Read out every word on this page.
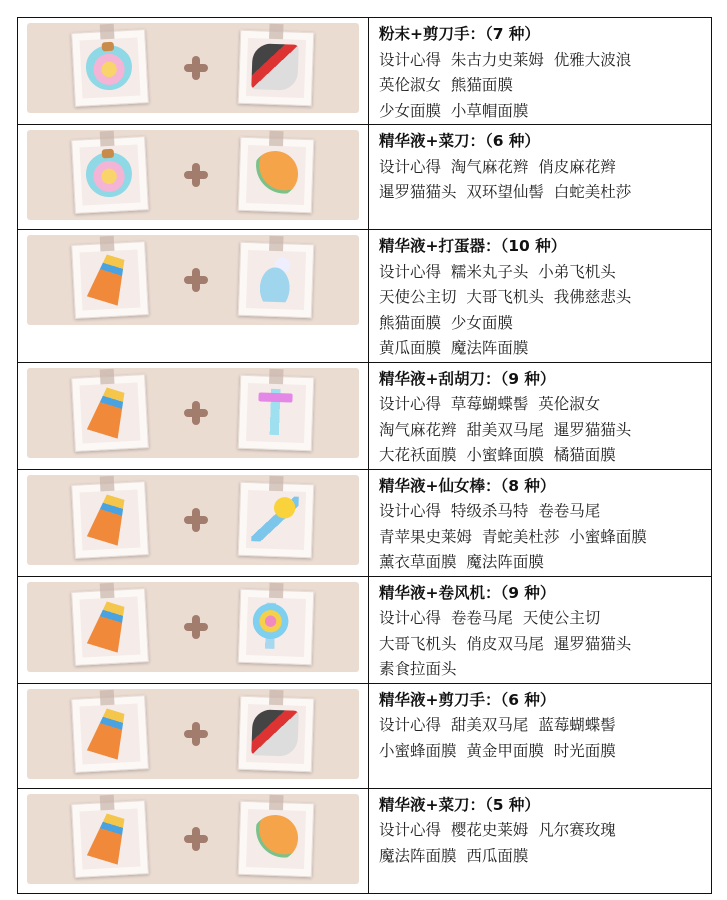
	粉末+剪刀手：（7 种）
设计心得  朱古力史莱姆  优雅大波浪
英伦淑女  熊猫面膜
少女面膜  小草帽面膜

	精华液+菜刀：（6 种）
设计心得  淘气麻花辫  俏皮麻花辫
暹罗猫猫头  双环望仙髻  白蛇美杜莎

	精华液+打蛋器：（10 种）
设计心得  糯米丸子头  小弟飞机头
天使公主切  大哥飞机头  我佛慈悲头
熊猫面膜  少女面膜
黄瓜面膜  魔法阵面膜

	精华液+刮胡刀：（9 种）
设计心得  草莓蝴蝶髻  英伦淑女
淘气麻花辫  甜美双马尾  暹罗猫猫头
大花袄面膜  小蜜蜂面膜  橘猫面膜

	精华液+仙女棒：（8 种）
设计心得  特级杀马特  卷卷马尾
青苹果史莱姆  青蛇美杜莎  小蜜蜂面膜
薰衣草面膜  魔法阵面膜

	精华液+卷风机：（9 种）
设计心得  卷卷马尾  天使公主切
大哥飞机头  俏皮双马尾  暹罗猫猫头
素食拉面头

	精华液+剪刀手：（6 种）
设计心得  甜美双马尾  蓝莓蝴蝶髻
小蜜蜂面膜  黄金甲面膜  时光面膜

	精华液+菜刀：（5 种）
设计心得  樱花史莱姆  凡尔赛玫瑰
魔法阵面膜  西瓜面膜
